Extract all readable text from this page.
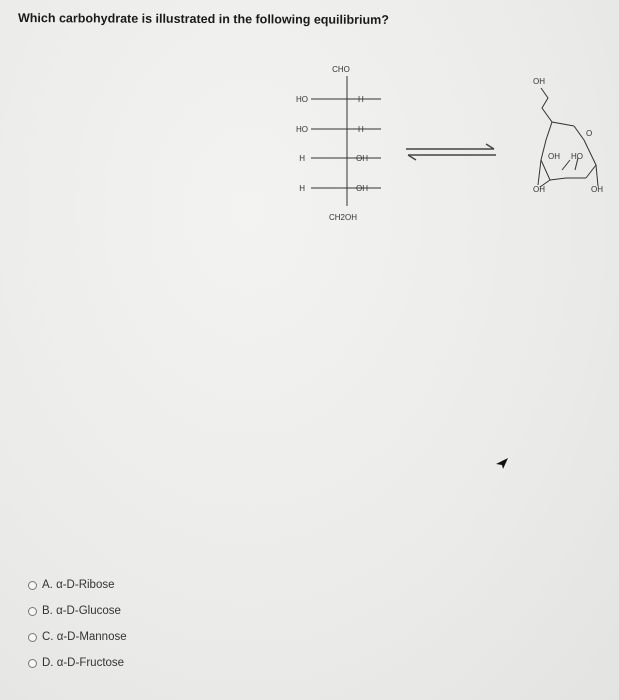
Which carbohydrate is illustrated in the following equilibrium?
CHO
HO	H
HO	H
H	OH
H	OH
CH2OH
OH
O
OH HO
OH	OH
A.
α-D-Ribose
B.
α-D-Glucose
C.
α-D-Mannose
D.
α-D-Fructose
